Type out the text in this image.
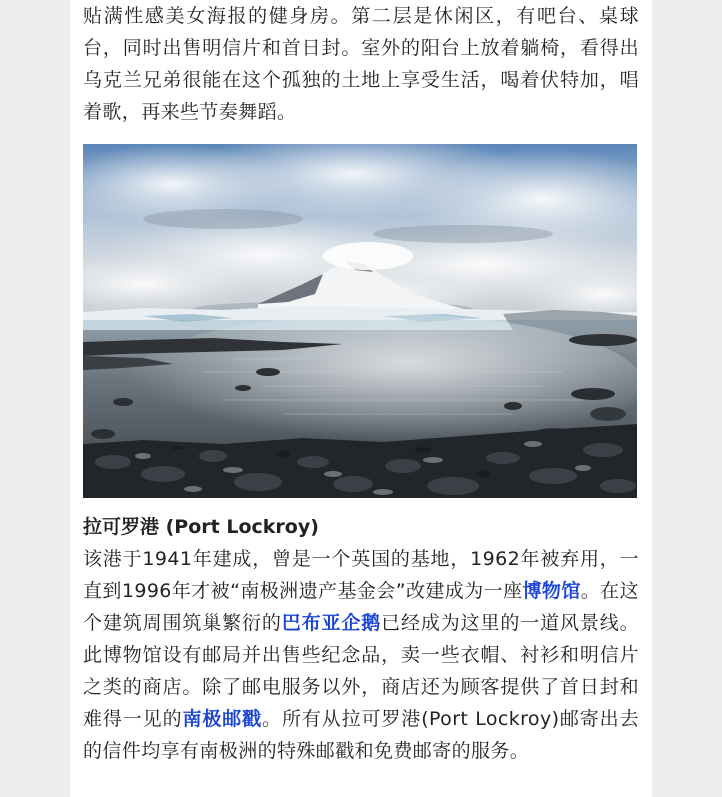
贴满性感美女海报的健身房。第二层是休闲区，有吧台、桌球台，同时出售明信片和首日封。室外的阳台上放着躺椅，看得出乌克兰兄弟很能在这个孤独的土地上享受生活，喝着伏特加，唱着歌，再来些节奏舞蹈。

拉可罗港 (Port Lockroy)

该港于1941年建成，曾是一个英国的基地，1962年被弃用，一直到1996年才被“南极洲遗产基金会”改建成为一座博物馆。在这个建筑周围筑巢繁衍的巴布亚企鹅已经成为这里的一道风景线。此博物馆设有邮局并出售些纪念品，卖一些衣帽、衬衫和明信片之类的商店。除了邮电服务以外，商店还为顾客提供了首日封和难得一见的南极邮戳。所有从拉可罗港(Port Lockroy)邮寄出去的信件均享有南极洲的特殊邮戳和免费邮寄的服务。
